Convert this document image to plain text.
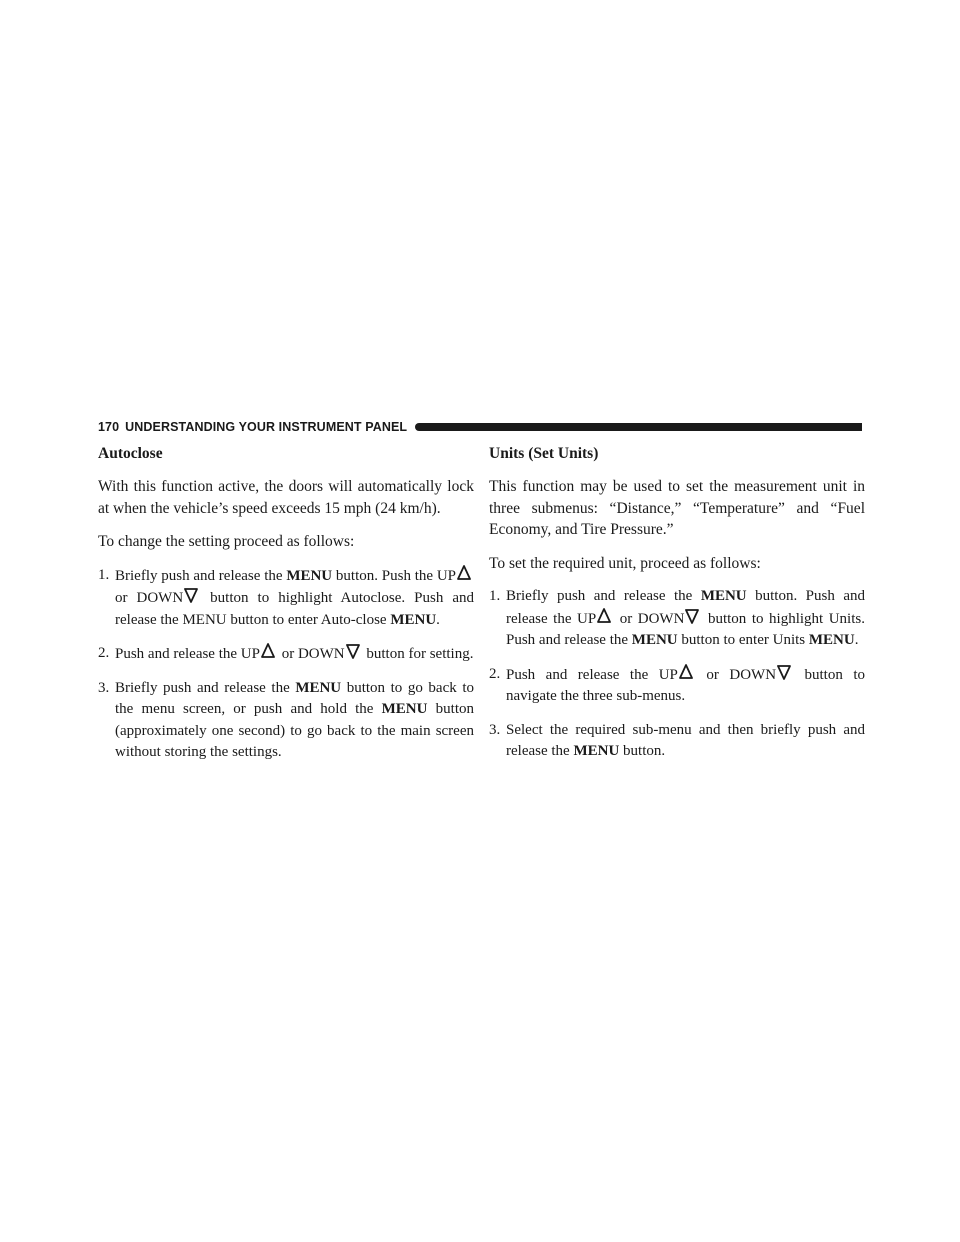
170 UNDERSTANDING YOUR INSTRUMENT PANEL
Autoclose

With this function active, the doors will automatically lock at when the vehicle’s speed exceeds 15 mph (24 km/h).

To change the setting proceed as follows:

1. Briefly push and release the MENU button. Push the UP or DOWN button to highlight Autoclose. Push and release the MENU button to enter Auto-close MENU.
2. Push and release the UP or DOWN button for setting.
3. Briefly push and release the MENU button to go back to the menu screen, or push and hold the MENU button (approximately one second) to go back to the main screen without storing the settings.
Units (Set Units)

This function may be used to set the measurement unit in three submenus: “Distance,” “Temperature” and “Fuel Economy, and Tire Pressure.”

To set the required unit, proceed as follows:

1. Briefly push and release the MENU button. Push and release the UP or DOWN button to highlight Units. Push and release the MENU button to enter Units MENU.
2. Push and release the UP or DOWN button to navigate the three sub-menus.
3. Select the required sub-menu and then briefly push and release the MENU button.
